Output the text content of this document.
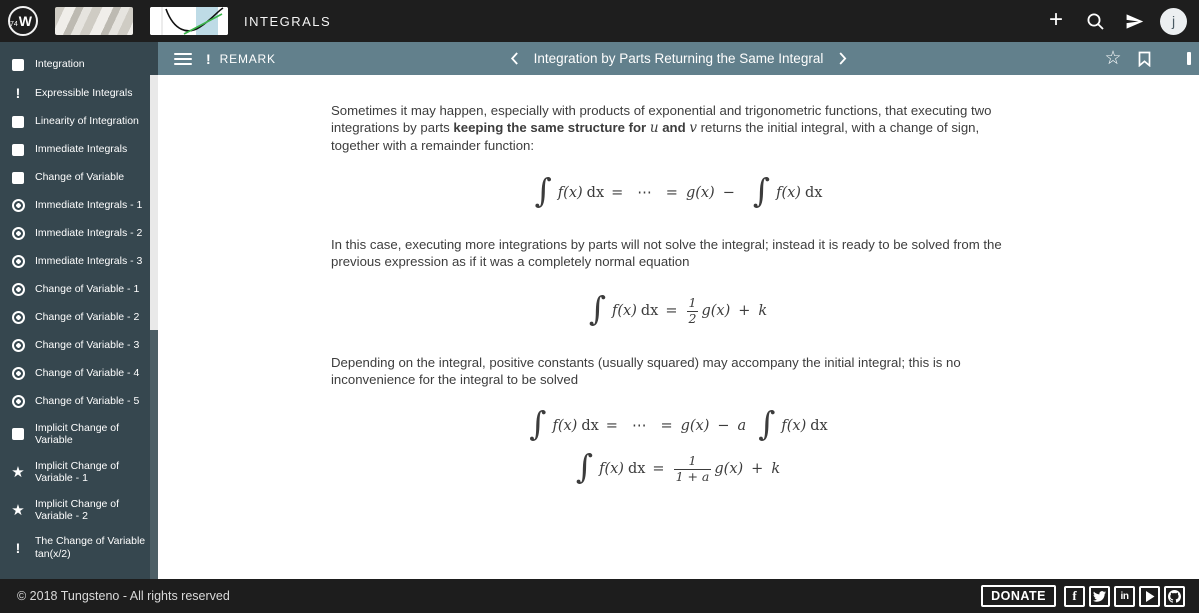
74 W	INTEGRALS	+	j
Integration
!	Expressible Integrals
Linearity of Integration
Immediate Integrals
Change of Variable
Immediate Integrals - 1
Immediate Integrals - 2
Immediate Integrals - 3
Change of Variable - 1
Change of Variable - 2
Change of Variable - 3
Change of Variable - 4
Change of Variable - 5
Implicit Change of Variable
★ Implicit Change of Variable - 1
★ Implicit Change of Variable - 2
!	The Change of Variable tan(x/2)
! REMARK	Integration by Parts Returning the Same Integral	☆

Sometimes it may happen, especially with products of exponential and trigonometric functions, that executing two integrations by parts keeping the same structure for u and v returns the initial integral, with a change of sign, together with a remainder function:

∫ f(x) dx = ⋯ = g(x) − ∫ f(x) dx

In this case, executing more integrations by parts will not solve the integral; instead it is ready to be solved from the previous expression as if it was a completely normal equation

∫ f(x) dx = $\frac{1}{2} g(x) + k$

Depending on the integral, positive constants (usually squared) may accompany the initial integral; this is no inconvenience for the integral to be solved

∫ f(x) dx = ⋯ = g(x) − a ∫ f(x) dx
∫ f(x) dx = $\frac{1}{1 + a} g(x) + k$
© 2018 Tungsteno - All rights reserved	DONATE	f	in
